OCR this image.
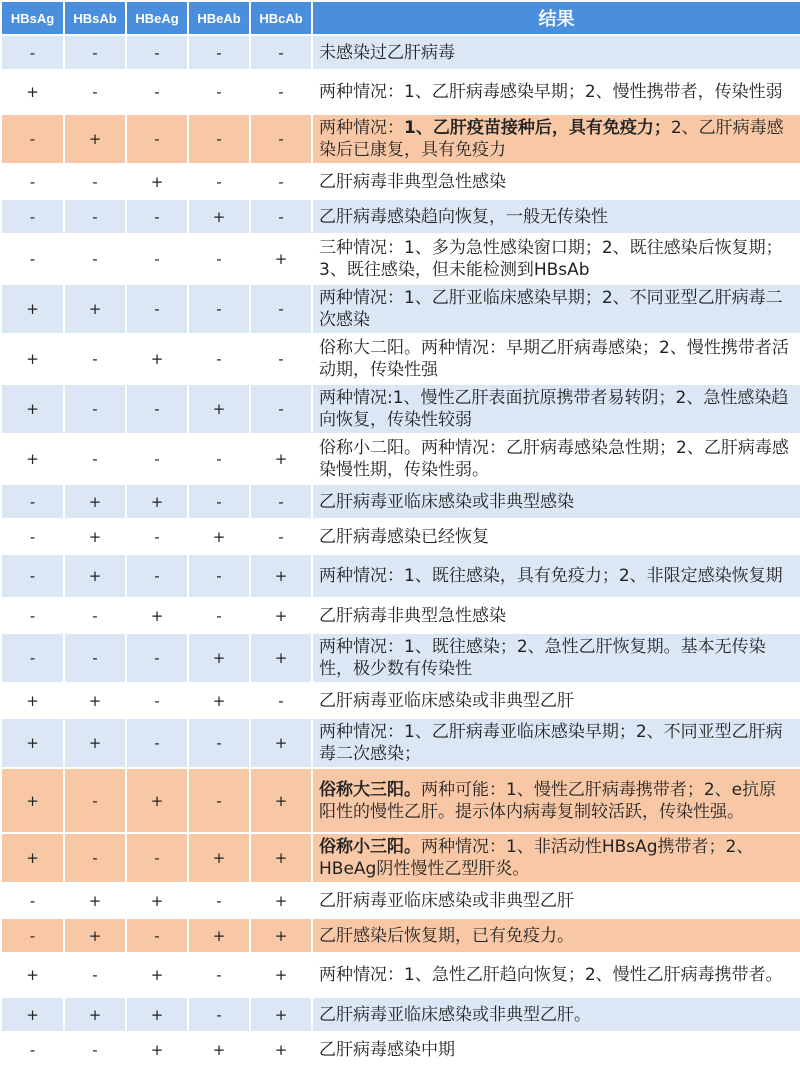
HBsAg	HBsAb	HBeAg	HBeAb	HBcAb	结果
-	-	-	-	-	未感染过乙肝病毒
+	-	-	-	-	两种情况：1、乙肝病毒感染早期；2、慢性携带者，传染性弱
-	+	-	-	-	两种情况：1、乙肝疫苗接种后，具有免疫力；2、乙肝病毒感染后已康复，具有免疫力
-	-	+	-	-	乙肝病毒非典型急性感染
-	-	-	+	-	乙肝病毒感染趋向恢复，一般无传染性
-	-	-	-	+	三种情况：1、多为急性感染窗口期；2、既往感染后恢复期；3、既往感染，但未能检测到HBsAb
+	+	-	-	-	两种情况：1、乙肝亚临床感染早期；2、不同亚型乙肝病毒二次感染
+	-	+	-	-	俗称大二阳。两种情况：早期乙肝病毒感染；2、慢性携带者活动期，传染性强
+	-	-	+	-	两种情况:1、慢性乙肝表面抗原携带者易转阴；2、急性感染趋向恢复，传染性较弱
+	-	-	-	+	俗称小二阳。两种情况：乙肝病毒感染急性期；2、乙肝病毒感染慢性期，传染性弱。
-	+	+	-	-	乙肝病毒亚临床感染或非典型感染
-	+	-	+	-	乙肝病毒感染已经恢复
-	+	-	-	+	两种情况：1、既往感染，具有免疫力；2、非限定感染恢复期
-	-	+	-	+	乙肝病毒非典型急性感染
-	-	-	+	+	两种情况：1、既往感染；2、急性乙肝恢复期。基本无传染性，极少数有传染性
+	+	-	+	-	乙肝病毒亚临床感染或非典型乙肝
+	+	-	-	+	两种情况：1、乙肝病毒亚临床感染早期；2、不同亚型乙肝病毒二次感染；
+	-	+	-	+	俗称大三阳。两种可能：1、慢性乙肝病毒携带者；2、e抗原阳性的慢性乙肝。提示体内病毒复制较活跃，传染性强。
+	-	-	+	+	俗称小三阳。两种情况：1、非活动性HBsAg携带者；2、HBeAg阴性慢性乙型肝炎。
-	+	+	-	+	乙肝病毒亚临床感染或非典型乙肝
-	+	-	+	+	乙肝感染后恢复期，已有免疫力。
+	-	+	-	+	两种情况：1、急性乙肝趋向恢复；2、慢性乙肝病毒携带者。
+	+	+	-	+	乙肝病毒亚临床感染或非典型乙肝。
-	-	+	+	+	乙肝病毒感染中期
